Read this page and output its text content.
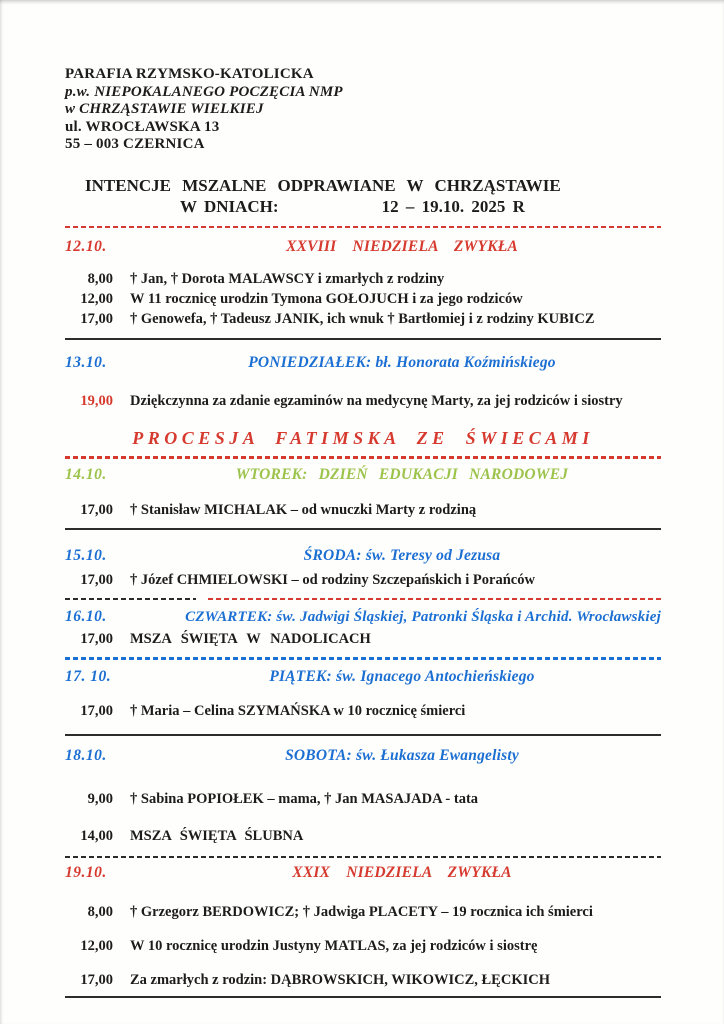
PARAFIA RZYMSKO-KATOLICKA
p.w. NIEPOKALANEGO POCZĘCIA NMP
w CHRZĄSTAWIE WIELKIEJ
ul. WROCŁAWSKA 13
55 – 003 CZERNICA
INTENCJE MSZALNE ODPRAWIANE W CHRZĄSTAWIE
W DNIACH:	12 – 19.10. 2025 R
12.10.	XXVIII NIEDZIELA ZWYKŁA
8,00 † Jan, † Dorota MALAWSCY i zmarłych z rodziny
12,00 W 11 rocznicę urodzin Tymona GOŁOJUCH i za jego rodziców
17,00 † Genowefa, † Tadeusz JANIK, ich wnuk † Bartłomiej i z rodziny KUBICZ
13.10.	PONIEDZIAŁEK: bł. Honorata Koźmińskiego
19,00 Dziękczynna za zdanie egzaminów na medycynę Marty, za jej rodziców i siostry
PROCESJA FATIMSKA ZE ŚWIECAMI
14.10.	WTOREK: DZIEŃ EDUKACJI NARODOWEJ
17,00 † Stanisław MICHALAK – od wnuczki Marty z rodziną
15.10.	ŚRODA: św. Teresy od Jezusa
17,00 † Józef CHMIELOWSKI – od rodziny Szczepańskich i Porańców
16.10.	CZWARTEK: św. Jadwigi Śląskiej, Patronki Śląska i Archid. Wrocławskiej
17,00 MSZA ŚWIĘTA W NADOLICACH
17. 10.	PIĄTEK: św. Ignacego Antochieńskiego
17,00 † Maria – Celina SZYMAŃSKA w 10 rocznicę śmierci
18.10.	SOBOTA: św. Łukasza Ewangelisty
9,00 † Sabina POPIOŁEK – mama, † Jan MASAJADA - tata
14,00 MSZA ŚWIĘTA ŚLUBNA
19.10.	XXIX NIEDZIELA ZWYKŁA
8,00 † Grzegorz BERDOWICZ; † Jadwiga PLACETY – 19 rocznica ich śmierci
12,00 W 10 rocznicę urodzin Justyny MATLAS, za jej rodziców i siostrę
17,00 Za zmarłych z rodzin: DĄBROWSKICH, WIKOWICZ, ŁĘCKICH
